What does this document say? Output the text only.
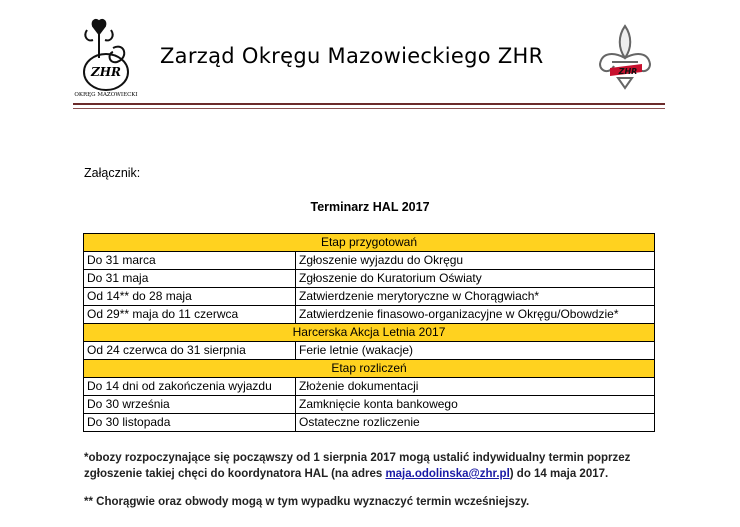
ZHR
OKRĘG MAZOWIECKI
Zarząd Okręgu Mazowieckiego ZHR
ZHR
Załącznik:
Terminarz HAL 2017
Etap przygotowań	
Do 31 marca	Zgłoszenie wyjazdu do Okręgu
Do 31 maja	Zgłoszenie do Kuratorium Oświaty
Od 14** do 28 maja	Zatwierdzenie merytoryczne w Chorągwiach*
Od 29** maja do 11 czerwca	Zatwierdzenie finasowo-organizacyjne w Okręgu/Obowdzie*
Harcerska Akcja Letnia 2017	
Od 24 czerwca do 31 sierpnia	Ferie letnie (wakacje)
Etap rozliczeń	
Do 14 dni od zakończenia wyjazdu	Złożenie dokumentacji
Do 30 września	Zamknięcie konta bankowego
Do 30 listopada	Ostateczne rozliczenie
*obozy rozpoczynające się począwszy od 1 sierpnia 2017 mogą ustalić indywidualny termin poprzez
zgłoszenie takiej chęci do koordynatora HAL (na adres maja.odolinska@zhr.pl) do 14 maja 2017.
** Chorągwie oraz obwody mogą w tym wypadku wyznaczyć termin wcześniejszy.
